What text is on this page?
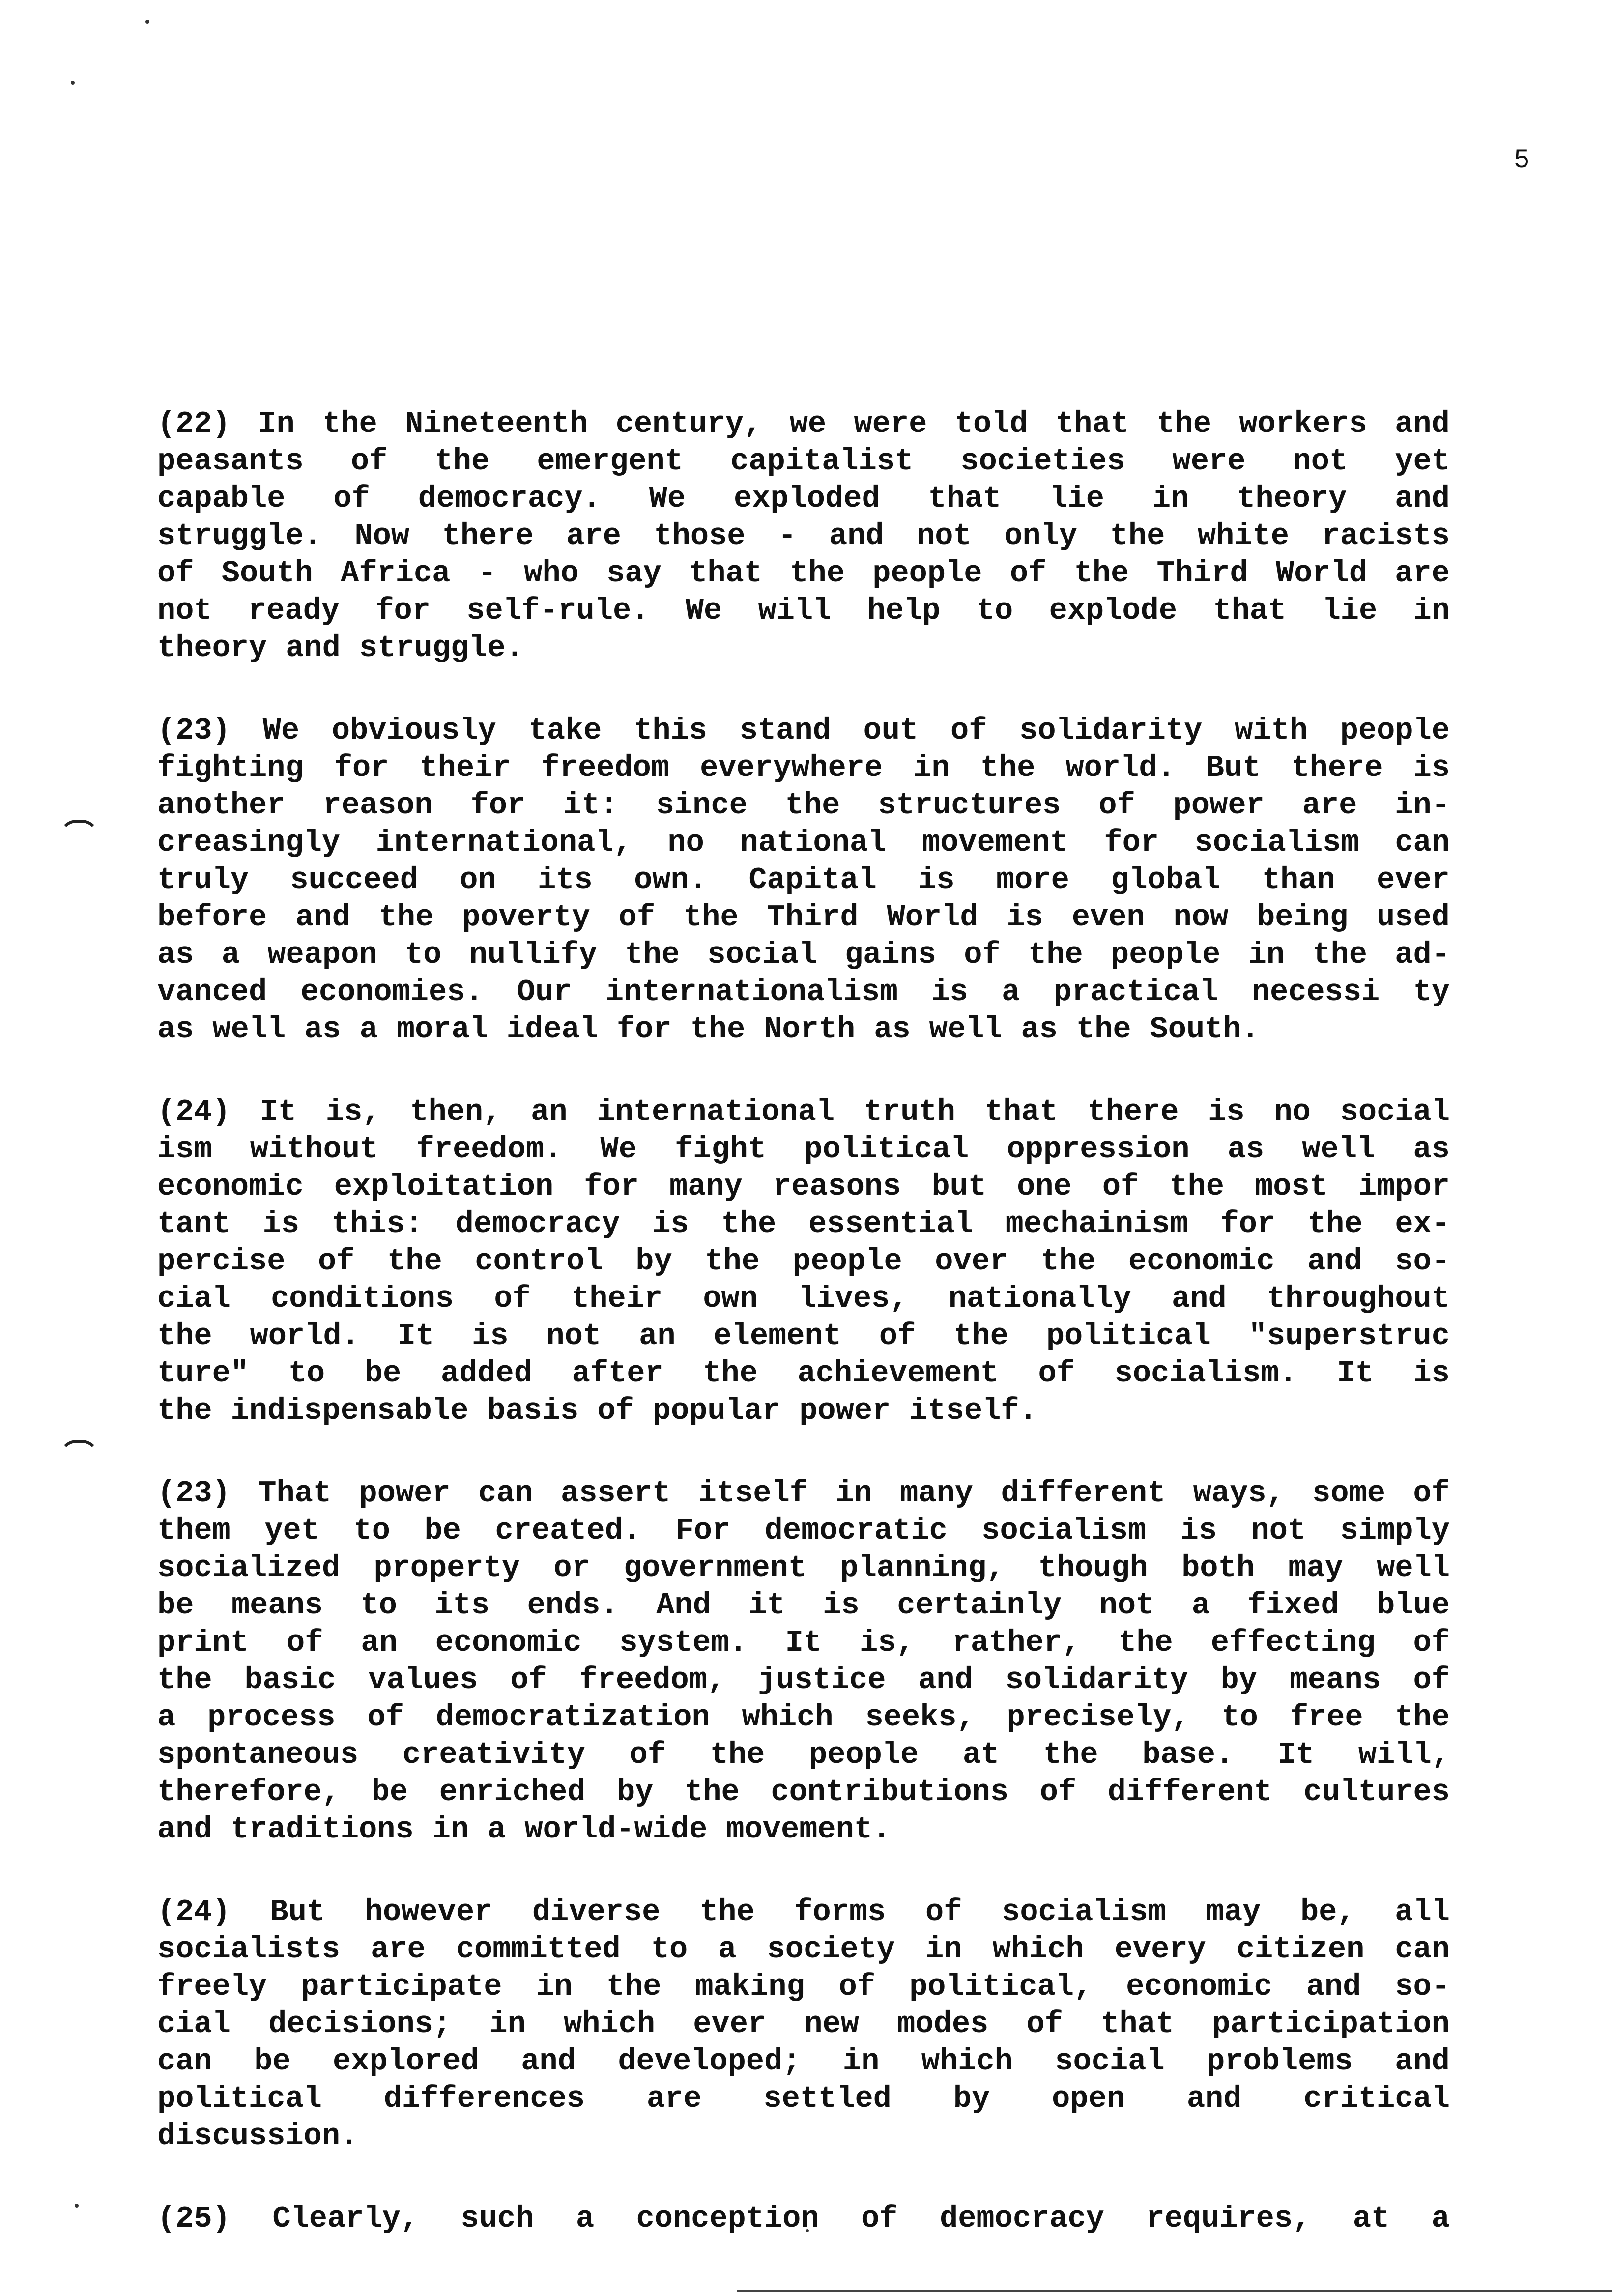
5
(22) In the Nineteenth century, we were told that the workers and
peasants of the emergent capitalist societies were not yet
capable of democracy. We exploded that lie in theory and
struggle. Now there are those - and not only the white racists
of South Africa - who say that the people of the Third World are
not ready for self-rule. We will help to explode that lie in
theory and struggle.
(23) We obviously take this stand out of solidarity with people
fighting for their freedom everywhere in the world. But there is
another reason for it: since the structures of power are in-
creasingly international, no national movement for socialism can
truly succeed on its own. Capital is more global than ever
before and the poverty of the Third World is even now being used
as a weapon to nullify the social gains of the people in the ad-
vanced economies. Our internationalism is a practical necessi ty
as well as a moral ideal for the North as well as the South.
(24) It is, then, an international truth that there is no social
ism without freedom. We fight political oppression as well as
economic exploitation for many reasons but one of the most impor
tant is this: democracy is the essential mechainism for the ex-
percise of the control by the people over the economic and so-
cial conditions of their own lives, nationally and throughout
the world. It is not an element of the political "superstruc
ture" to be added after the achievement of socialism. It is
the indispensable basis of popular power itself.
(23) That power can assert itself in many different ways, some of
them yet to be created. For democratic socialism is not simply
socialized property or government planning, though both may well
be means to its ends. And it is certainly not a fixed blue
print of an economic system. It is, rather, the effecting of
the basic values of freedom, justice and solidarity by means of
a process of democratization which seeks, precisely, to free the
spontaneous creativity of the people at the base. It will,
therefore, be enriched by the contributions of different cultures
and traditions in a world-wide movement.
(24) But however diverse the forms of socialism may be, all
socialists are committed to a society in which every citizen can
freely participate in the making of political, economic and so-
cial decisions; in which ever new modes of that participation
can be explored and developed; in which social problems and
political differences are settled by open and critical
discussion.
(25) Clearly, such a conception of democracy requires, at a
